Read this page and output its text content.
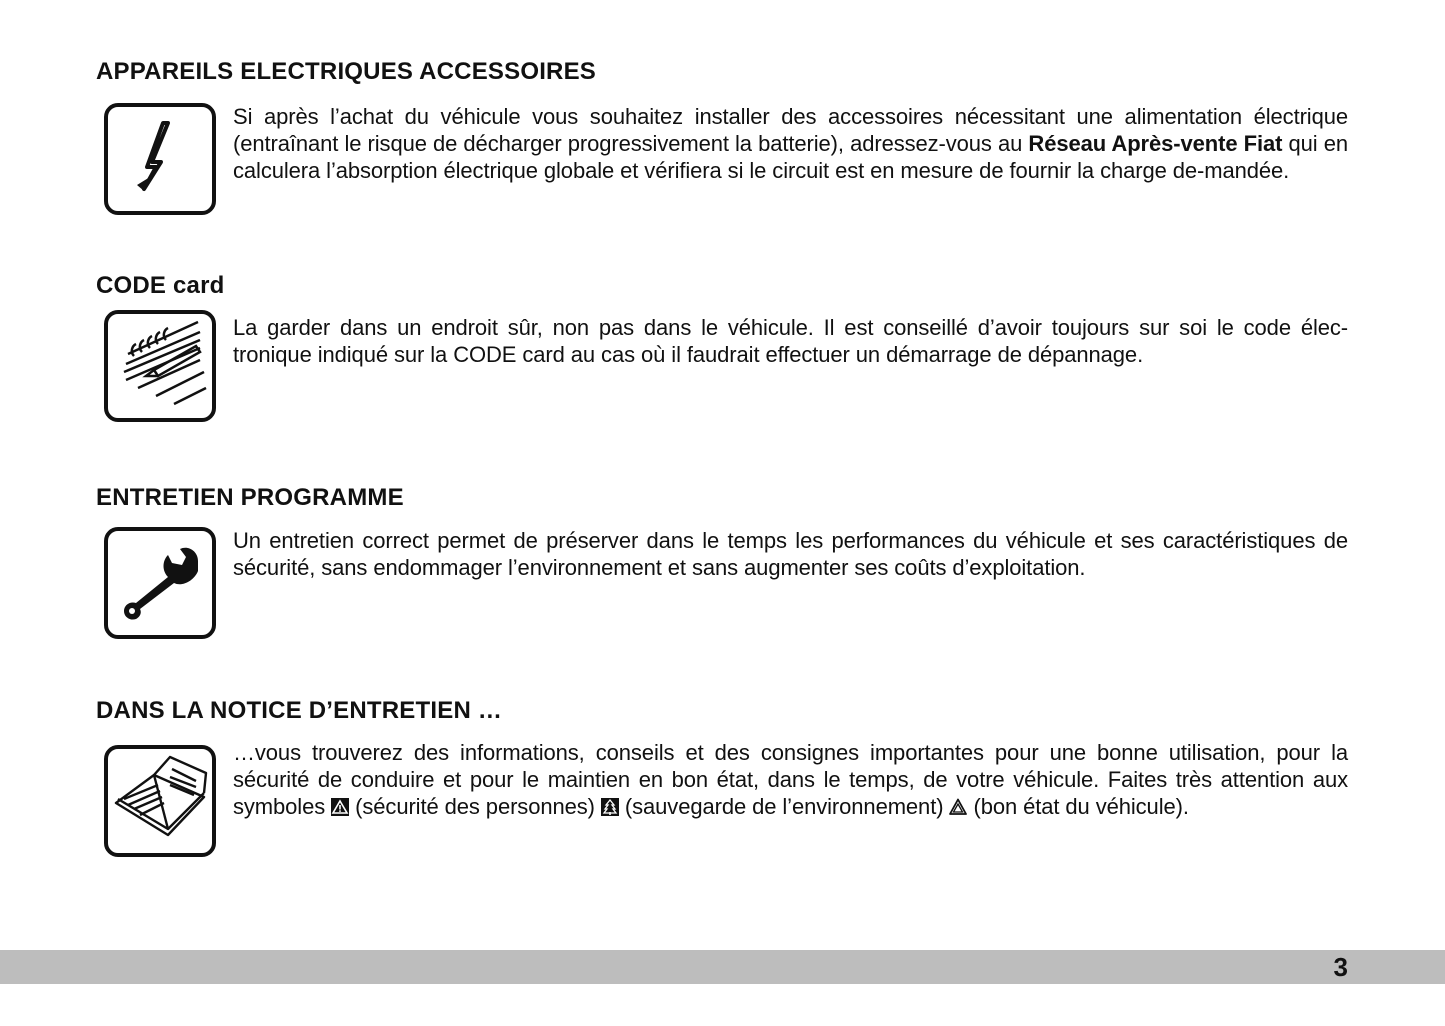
APPAREILS ELECTRIQUES ACCESSOIRES

Si après l’achat du véhicule vous souhaitez installer des accessoires nécessitant une alimentation électrique (entraînant le risque de décharger progressivement la batterie), adressez-vous au Réseau Après-vente Fiat qui en calculera l’absorption électrique globale et vérifiera si le circuit est en mesure de fournir la charge de-mandée.

CODE card

La garder dans un endroit sûr, non pas dans le véhicule. Il est conseillé d’avoir toujours sur soi le code élec-tronique indiqué sur la CODE card au cas où il faudrait effectuer un démarrage de dépannage.

ENTRETIEN PROGRAMME

Un entretien correct permet de préserver dans le temps les performances du véhicule et ses caractéristiques de sécurité, sans endommager l’environnement et sans augmenter ses coûts d’exploitation.

DANS LA NOTICE D’ENTRETIEN …

…vous trouverez des informations, conseils et des consignes importantes pour une bonne utilisation, pour la sécurité de conduire et pour le maintien en bon état, dans le temps, de votre véhicule. Faites très attention aux symboles  (sécurité des personnes)  (sauvegarde de l’environnement)  (bon état du véhicule).

3
